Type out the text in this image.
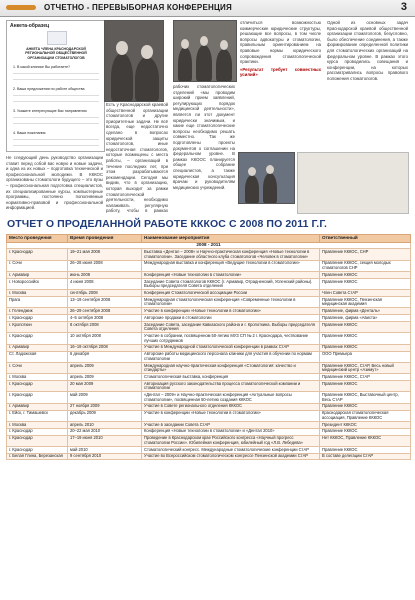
ОТЧЕТНО - ПЕРЕВЫБОРНАЯ КОНФЕРЕНЦИЯ	3
Анкета-образец
АНКЕТА ЧЛЕНА КРАСНОДАРСКОЙ РЕГИОНАЛЬНОЙ ОБЩЕСТВЕННОЙ ОРГАНИЗАЦИИ СТОМАТОЛОГОВ
1. В какой клинике Вы работаете?
2. Ваши предложения по работе общества
3. Укажите интересующие Вас направления
4. Ваши пожелания

Не следующий день руководство организации ставит перед собой вас новую и новые задачи, и одна из их новых – подготовка технической и профессиональной молодежи. В КККОС организованы стоматологи будущего – это вузы – профессиональная подготовка специалистов, их специализированные курсы, компьютерные программы, постоянно пополняемые нормативно-правовой и профессиональной информацией.

Есть у Краснодарской краевой общественной организации стоматологов и другие приоритетные задачи. Не всё всегда, еще недостаточно сделано в вопросах юридической защиты стоматологов, иные недостаточная стоматологов, которые возмещены с места работы, – организаций в течение последних лет, при этом разрабатываются рекомендации. Сегодня мы видим, что в организацию, которая выходит за рамки стоматологической деятельности, необходимо налаживать регулярную работу, чтобы в рамках

рабочих стоматологических отделений «мы проводим широкий прием заявлений, регулирующих порядок медицинской деятельности», является ли этот документ юридически значимым, и какие еще стоматологические вопросы необходимо решать совместно. Так же подготовлены проекты документов о соглашении на федеральном уровне. В рамках ККООС планируется общее собрание специалистов, а также юридическая консультация врачам и руководителям медицинских учреждений.

отличиться возможностью коммерческие юридические структуры, решающие все вопросы, в том числе вопросы адвокатуры и стоматологии, правильным ориентированием на правовые нормы юридического сопровождения стоматологической практики.

«Результат требует совместных усилий»

Одной из основных задач Краснодарской краевой общественной организации стоматологов, безусловно, было обеспечение соединения, а также формирование определенной политики для стоматологических организаций на федеральном уровне. В рамках этого курса проводились совещания и конференции, на которых рассматривались вопросы правового положения стоматологов.

ОТЧЕТ О ПРОДЕЛАННОЙ РАБОТЕ КККОС С 2008 ПО 2011 Г.Г.
Место проведения	Время проведения	Наименование мероприятия	Ответственный
2008 - 2011			
г. Краснодар	19–21 мая 2008	Выставка «Дентал – 2008» и Научно-практическая конференция «Новые технологии в стоматологии». Заседание областного клуба стоматологов «Человек в стоматологии»	Правление КККОС, СНР
г. Сочи	26–28 июня 2008	Международная выставка и конференция «Ведущие технологии в стоматологии»	Правление КККОС, секция молодых стоматологов СНР
г. Армавир	июнь 2008	Конференция «Новые технологии в стоматологии»	Правление КККОС
г. Новороссийск	4 июня 2008	Заседание Совета стоматологов КККОС (г. Армавир, Отрадненский, Успенский районы). Выборы председателя Совета отделения	Правление КККОС
г. Москва	сентябрь 2008	Конференция Стоматологической ассоциации России	Член Совета СтАР
Прага	13–19 сентября 2008	Международная стоматологическая конференция «Современные технологии в стоматологии»	Правление КККОС, Пензенская медицинская академия
г. Геленджик	26–29 сентября 2008	Участие в конференции «Новые технологии в стоматологии»	Правление, фирма «Денталь»
г. Краснодар	4–5 октября 2008	Авторские продажи в стоматологии	Правление, фирма «Ависта»
г. Кропоткин	8 октября 2008	Заседание Совета, заседание Кавказского района и г. Кропоткина. Выборы председателя Совета отделения	Правление КККОС
г. Краснодар	10 октября 2008	Участие в собрании, посвященном 50-летию МУЗ СП № 2 г. Краснодара, чествование лучших сотрудников	Правление КККОС
г. Армавир	16–19 октября 2008	Участие в Международной стоматологической конференции в рамках СтАР	Правление КККОС
Ст. Ладожская	6 декабря	Авторские работы медицинского персонала клиники для участия в обучении по нормам стоматологии	ООО Премьера
г. Сочи	апрель 2009	Международная научно-практическая конференция «Стоматология: качество и стандарты»	Правление КККОС, СтАР, Весь новый медицинский центр «Азимут»
г. Москва	апрель 2009	Стоматологическая выставка, конференция	Правление КККОС, СтАР
г. Краснодар	20 мая 2009	Авторизация русского законодательства процесса стоматологической компании и стоматологии	Правление КККОС
г. Краснодар	май 2009	«Дентал – 2009» и Научно-практическая конференция «Актуальные вопросы стоматологии», посвященная 50-летию создания КККОС	Правление КККОС, Выставочный центр, Весь СтАР
г. Армавир	27 ноября 2009	Участие в Совете регионального отделения КККОС	Правление КККОС
г. Ейск, г. Тимашевск	декабрь 2009	Участие в конференции «Новые технологии в стоматологии»	Краснодарская стоматологическая ассоциация, Правление КККОС
г. Москва	апрель 2010	Участие в заседании Совета СтАР	Президент КККОС
г. Краснодар	20–22 мая 2010	Конференция «Новые технологии в стоматологии» и «Дентал 2010»	Правление КККОС
г. Краснодар	17–19 июня 2010	Проведение в Краснодарском крае Российского конгресса «Научный прогресс стоматологии России». Юбилейная конференция, юбилейный год «Л.В. Лебедева»	Нет КККОС, Правление КККОС
г. Краснодар	май 2010	Стоматологический конгресс. Международные стоматологические конференции СтАР	Правление КККОС
г. Белая Глина, Березанская	9 сентября 2010	Участие во Всероссийском стоматологическом конгрессе Пензенской академии СтАР	В составе делегации СтАР
